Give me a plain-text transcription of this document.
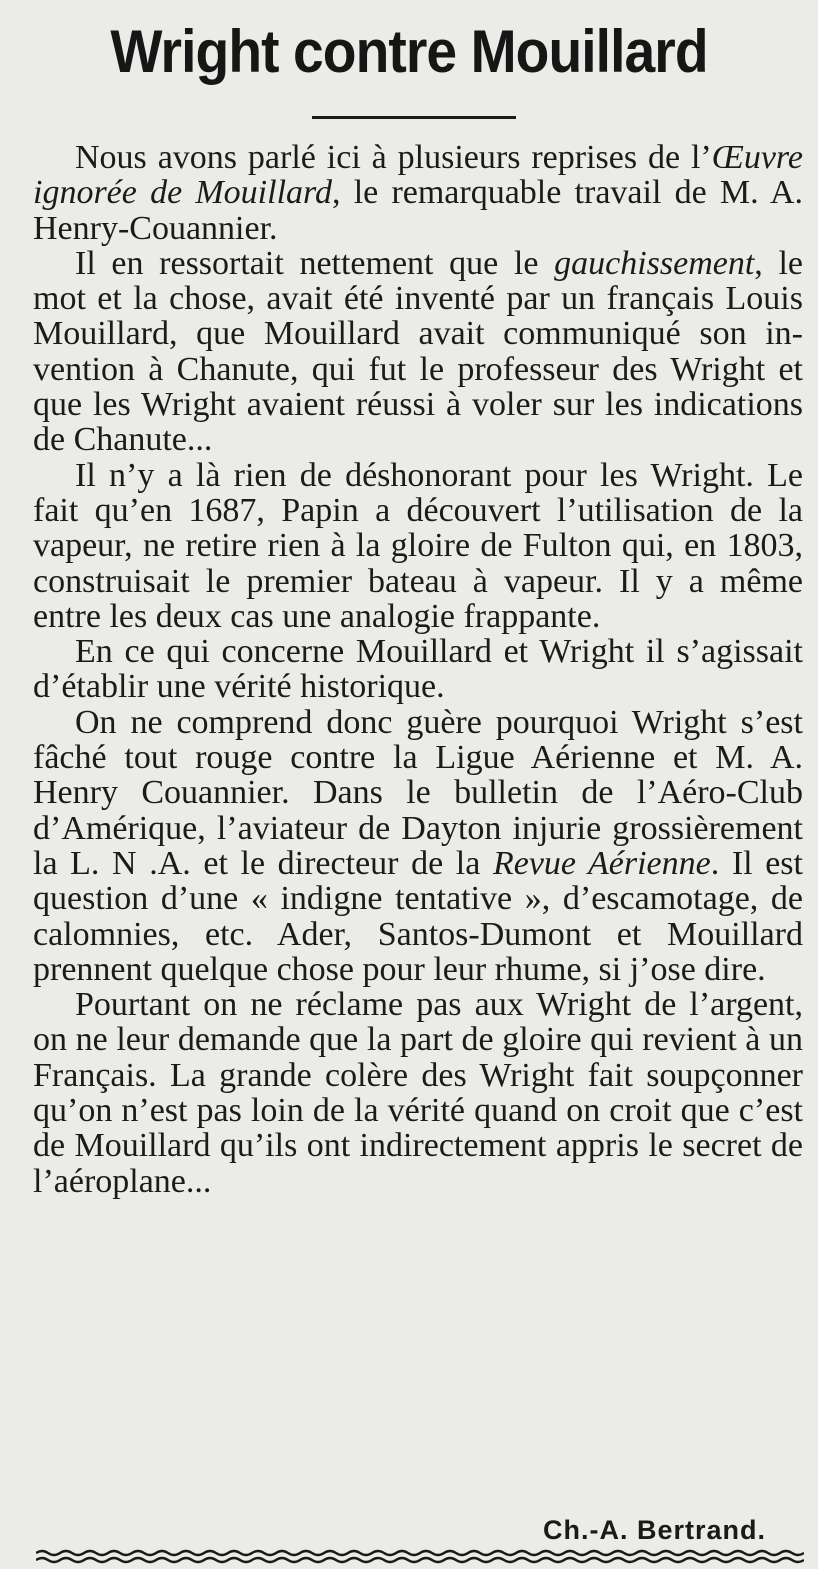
Wright contre Mouillard

Nous avons parlé ici à plusieurs reprises de l’Œuvre ignorée de Mouillard, le remarquable travail de M. A. Henry-Couannier.

Il en ressortait nettement que le gauchissement, le mot et la chose, avait été inventé par un français Louis Mouillard, que Mouillard avait communiqué son invention à Chanute, qui fut le professeur des Wright et que les Wright avaient réussi à voler sur les indications de Chanute...

Il n’y a là rien de déshonorant pour les Wright. Le fait qu’en 1687, Papin a découvert l’utilisation de la vapeur, ne retire rien à la gloire de Fulton qui, en 1803, construisait le premier bateau à vapeur. Il y a même entre les deux cas une analogie frappante.

En ce qui concerne Mouillard et Wright il s’agissait d’établir une vérité historique.

On ne comprend donc guère pourquoi Wright s’est fâché tout rouge contre la Ligue Aérienne et M. A. Henry Couannier. Dans le bulletin de l’Aéro-Club d’Amérique, l’aviateur de Dayton injurie grossièrement la L. N .A. et le directeur de la Revue Aérienne. Il est question d’une « indigne tentative », d’escamotage, de calomnies, etc. Ader, Santos-Dumont et Mouillard prennent quelque chose pour leur rhume, si j’ose dire.

Pourtant on ne réclame pas aux Wright de l’argent, on ne leur demande que la part de gloire qui revient à un Français. La grande colère des Wright fait soupçonner qu’on n’est pas loin de la vérité quand on croit que c’est de Mouillard qu’ils ont indirectement appris le secret de l’aéroplane...

Ch.-A. Bertrand.
